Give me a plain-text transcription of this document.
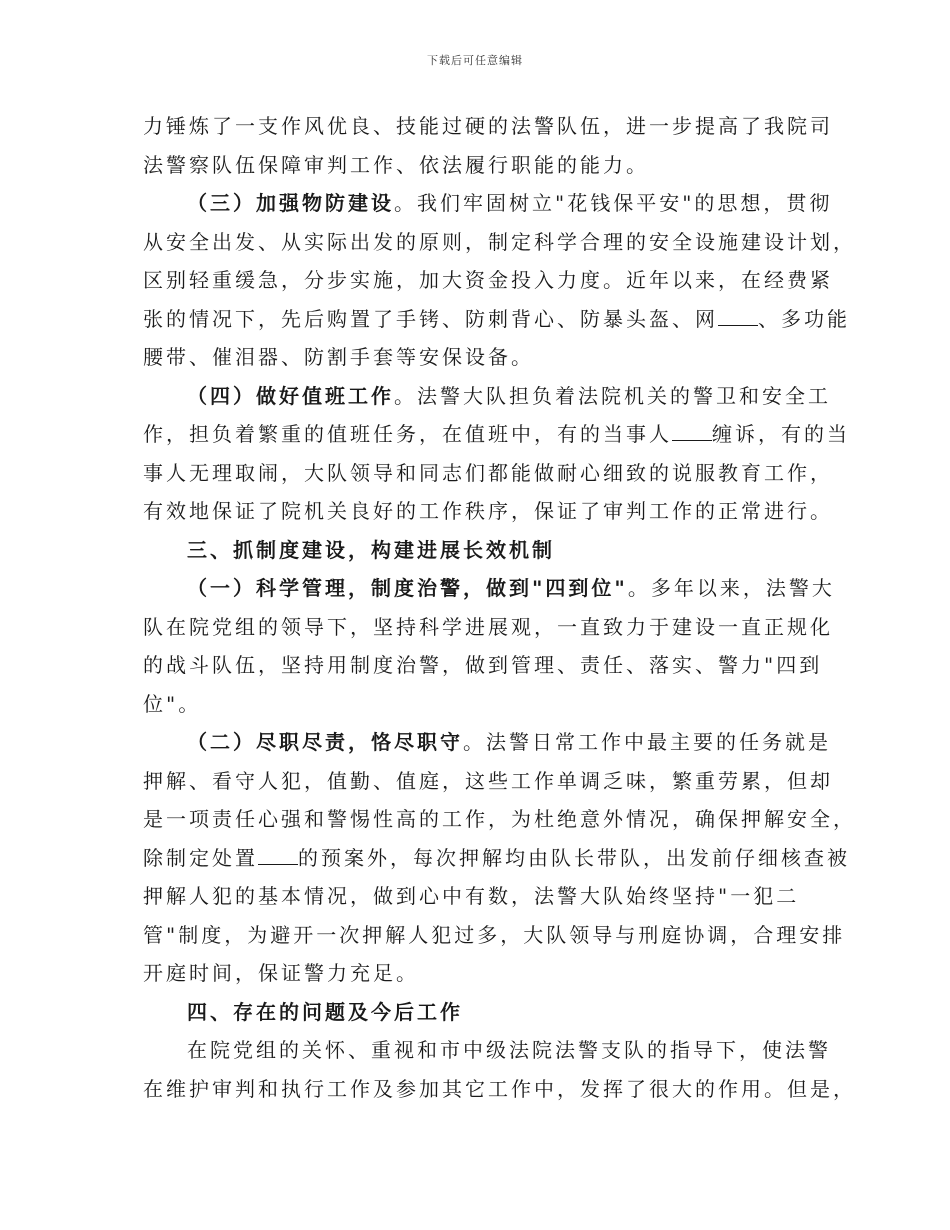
下载后可任意编辑
力锤炼了一支作风优良、技能过硬的法警队伍，进一步提高了我院司
法警察队伍保障审判工作、依法履行职能的能力。
（三）加强物防建设。我们牢固树立"花钱保平安"的思想，贯彻
从安全出发、从实际出发的原则，制定科学合理的安全设施建设计划，
区别轻重缓急，分步实施，加大资金投入力度。近年以来，在经费紧
张的情况下，先后购置了手铐、防刺背心、防暴头盔、网 、多功能
腰带、催泪器、防割手套等安保设备。
（四）做好值班工作。法警大队担负着法院机关的警卫和安全工
作，担负着繁重的值班任务，在值班中，有的当事人 缠诉，有的当
事人无理取闹，大队领导和同志们都能做耐心细致的说服教育工作，
有效地保证了院机关良好的工作秩序，保证了审判工作的正常进行。
三、抓制度建设，构建进展长效机制
（一）科学管理，制度治警，做到"四到位"。多年以来，法警大
队在院党组的领导下，坚持科学进展观，一直致力于建设一直正规化
的战斗队伍，坚持用制度治警，做到管理、责任、落实、警力"四到
位"。
（二）尽职尽责，恪尽职守。法警日常工作中最主要的任务就是
押解、看守人犯，值勤、值庭，这些工作单调乏味，繁重劳累，但却
是一项责任心强和警惕性高的工作，为杜绝意外情况，确保押解安全，
除制定处置 的预案外，每次押解均由队长带队，出发前仔细核查被
押解人犯的基本情况，做到心中有数，法警大队始终坚持"一犯二
管"制度，为避开一次押解人犯过多，大队领导与刑庭协调，合理安排
开庭时间，保证警力充足。
四、存在的问题及今后工作
在院党组的关怀、重视和市中级法院法警支队的指导下，使法警
在维护审判和执行工作及参加其它工作中，发挥了很大的作用。但是，
